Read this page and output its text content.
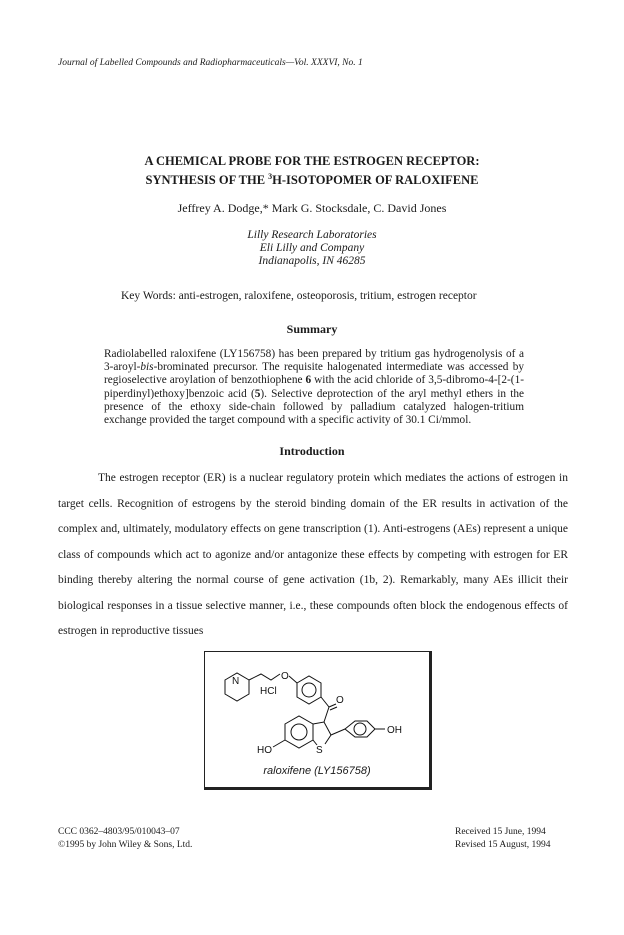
Journal of Labelled Compounds and Radiopharmaceuticals—Vol. XXXVI, No. 1
A CHEMICAL PROBE FOR THE ESTROGEN RECEPTOR:
SYNTHESIS OF THE $^3$H-ISOTOPOMER OF RALOXIFENE
Jeffrey A. Dodge,* Mark G. Stocksdale, C. David Jones
Lilly Research Laboratories
Eli Lilly and Company
Indianapolis, IN 46285
Key Words: anti-estrogen, raloxifene, osteoporosis, tritium, estrogen receptor
Summary
Radiolabelled raloxifene (LY156758) has been prepared by tritium gas hydrogenolysis of a 3-aroyl-bis-brominated precursor. The requisite halogenated intermediate was accessed by regioselective aroylation of benzothiophene 6 with the acid chloride of 3,5-dibromo-4-[2-(1-piperdinyl)ethoxy]benzoic acid (5). Selective deprotection of the aryl methyl ethers in the presence of the ethoxy side-chain followed by palladium catalyzed halogen-tritium exchange provided the target compound with a specific activity of 30.1 Ci/mmol.
Introduction

The estrogen receptor (ER) is a nuclear regulatory protein which mediates the actions of estrogen in target cells. Recognition of estrogens by the steroid binding domain of the ER results in activation of the complex and, ultimately, modulatory effects on gene transcription (1). Anti-estrogens (AEs) represent a unique class of compounds which act to agonize and/or antagonize these effects by competing with estrogen for ER binding thereby altering the normal course of gene activation (1b, 2). Remarkably, many AEs illicit their biological responses in a tissue selective manner, i.e., these compounds often block the endogenous effects of estrogen in reproductive tissues

N	O
HCl
O
S
OH
HO
raloxifene (LY156758)
CCC 0362–4803/95/010043–07
©1995 by John Wiley & Sons, Ltd.
Received 15 June, 1994
Revised 15 August, 1994
